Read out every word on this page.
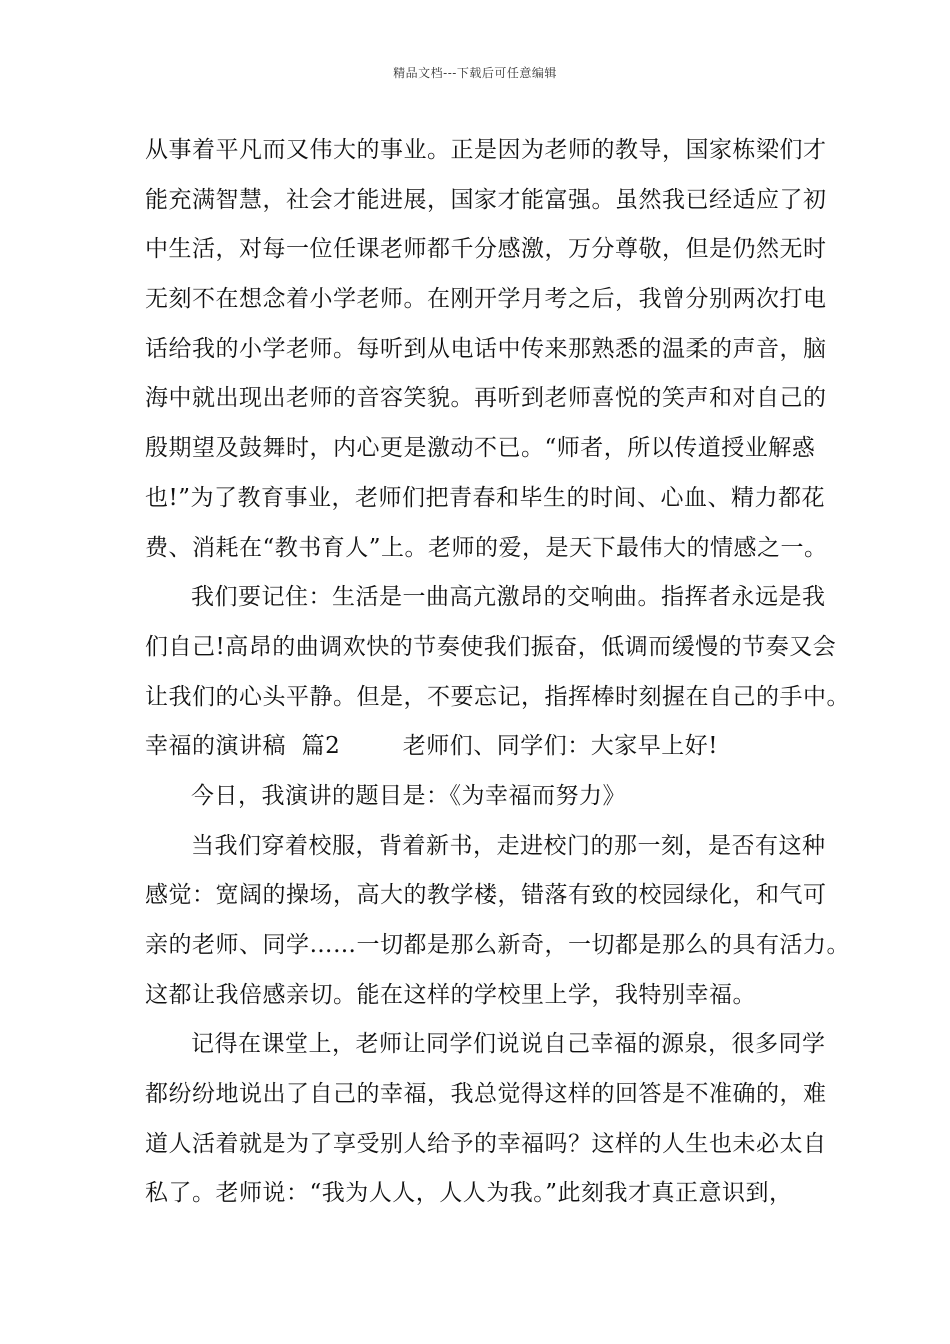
精品文档---下载后可任意编辑
从事着平凡而又伟大的事业。正是因为老师的教导，国家栋梁们才
能充满智慧，社会才能进展，国家才能富强。虽然我已经适应了初
中生活，对每一位任课老师都千分感激，万分尊敬，但是仍然无时
无刻不在想念着小学老师。在刚开学月考之后，我曾分别两次打电
话给我的小学老师。每听到从电话中传来那熟悉的温柔的声音，脑
海中就出现出老师的音容笑貌。再听到老师喜悦的笑声和对自己的
殷期望及鼓舞时，内心更是激动不已。“师者，所以传道授业解惑
也!”为了教育事业，老师们把青春和毕生的时间、心血、精力都花
费、消耗在“教书育人”上。老师的爱，是天下最伟大的情感之一。
我们要记住：生活是一曲高亢激昂的交响曲。指挥者永远是我
们自己!高昂的曲调欢快的节奏使我们振奋，低调而缓慢的节奏又会
让我们的心头平静。但是，不要忘记，指挥棒时刻握在自己的手中。
幸福的演讲稿  篇2        老师们、同学们：大家早上好!
今日，我演讲的题目是：《为幸福而努力》
当我们穿着校服，背着新书，走进校门的那一刻，是否有这种
感觉：宽阔的操场，高大的教学楼，错落有致的校园绿化，和气可
亲的老师、同学……一切都是那么新奇，一切都是那么的具有活力。
这都让我倍感亲切。能在这样的学校里上学，我特别幸福。
记得在课堂上，老师让同学们说说自己幸福的源泉，很多同学
都纷纷地说出了自己的幸福，我总觉得这样的回答是不准确的，难
道人活着就是为了享受别人给予的幸福吗？这样的人生也未必太自
私了。老师说：“我为人人，人人为我。”此刻我才真正意识到，
